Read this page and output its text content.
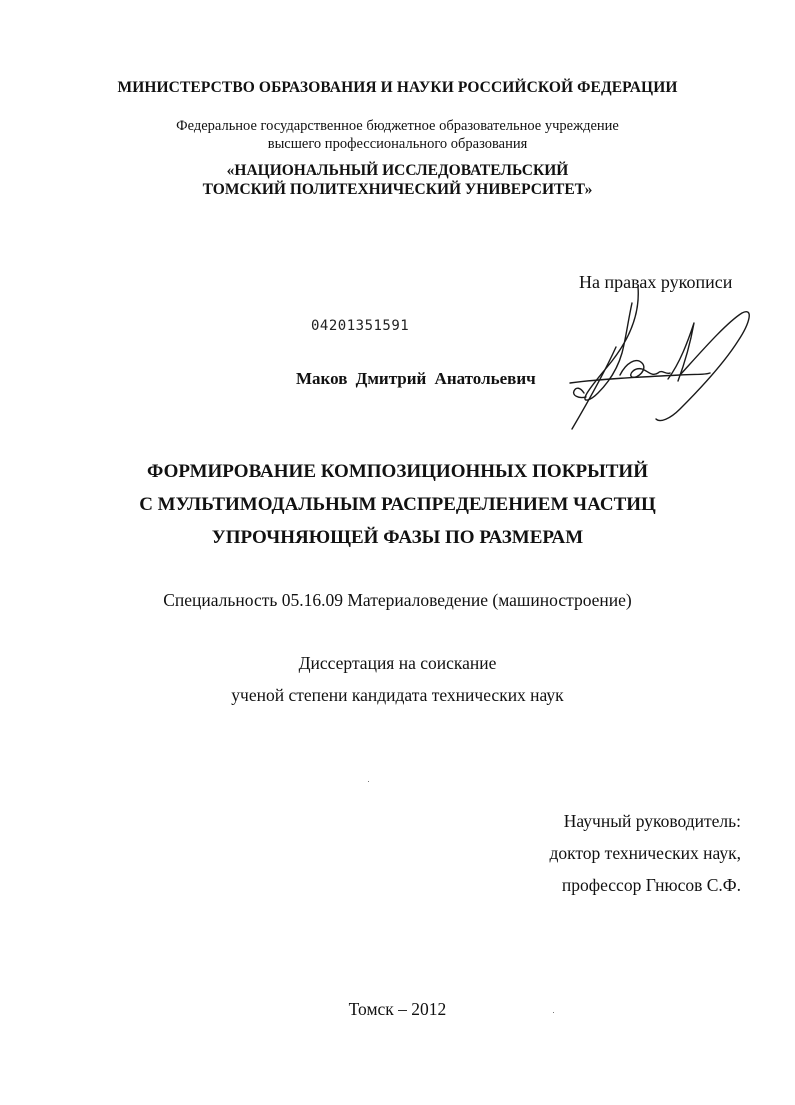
МИНИСТЕРСТВО ОБРАЗОВАНИЯ И НАУКИ РОССИЙСКОЙ ФЕДЕРАЦИИ
Федеральное государственное бюджетное образовательное учреждение
высшего профессионального образования
«НАЦИОНАЛЬНЫЙ ИССЛЕДОВАТЕЛЬСКИЙ
ТОМСКИЙ ПОЛИТЕХНИЧЕСКИЙ УНИВЕРСИТЕТ»
На правах рукописи
04201351591
Маков Дмитрий Анатольевич
ФОРМИРОВАНИЕ КОМПОЗИЦИОННЫХ ПОКРЫТИЙ
С МУЛЬТИМОДАЛЬНЫМ РАСПРЕДЕЛЕНИЕМ ЧАСТИЦ
УПРОЧНЯЮЩЕЙ ФАЗЫ ПО РАЗМЕРАМ
Специальность 05.16.09 Материаловедение (машиностроение)
Диссертация на соискание
ученой степени кандидата технических наук
Научный руководитель:
доктор технических наук,
профессор Гнюсов С.Ф.
Томск – 2012
